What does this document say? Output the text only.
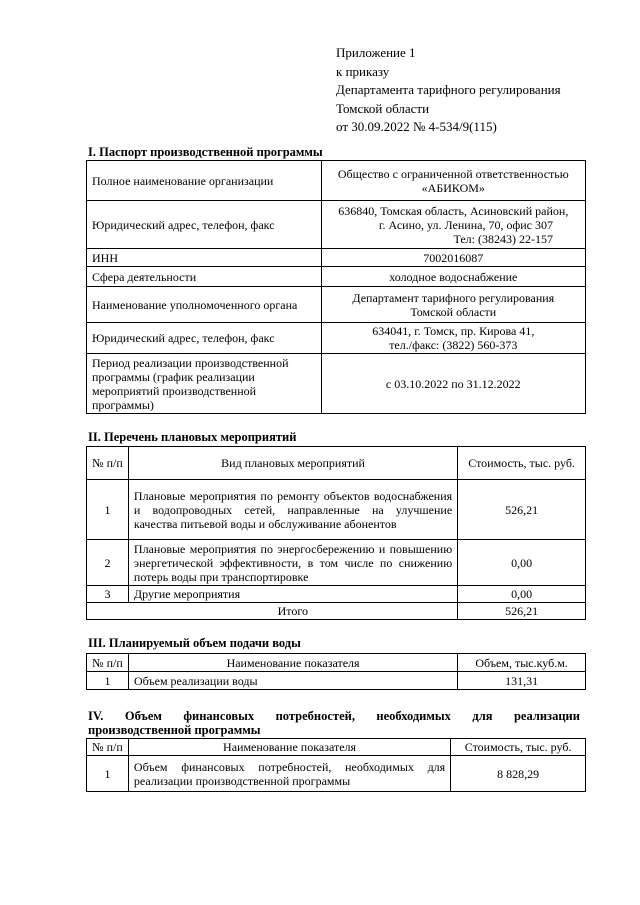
Приложение 1
к приказу
Департамента тарифного регулирования
Томской области
от 30.09.2022 № 4-534/9(115)
I. Паспорт производственной программы
Полное наименование организации	Общество с ограниченной ответственностью
«АБИКОМ»

Юридический адрес, телефон, факс	636840, Томская область, Асиновский район,
г. Асино, ул. Ленина, 70, офис 307
Тел: (38243) 22-157

ИНН	7002016087
Сфера деятельности	холодное водоснабжение
Наименование уполномоченного органа	Департамент тарифного регулирования
Томской области

Юридический адрес, телефон, факс	634041, г. Томск, пр. Кирова 41,
тел./факс: (3822) 560-373

Период реализации производственной программы (график реализации мероприятий производственной программы)	с 03.10.2022 по 31.12.2022
II. Перечень плановых мероприятий
№ п/п	Вид плановых мероприятий	Стоимость, тыс. руб.
1	Плановые мероприятия по ремонту объектов водоснабжения и водопроводных сетей, направленные на улучшение качества питьевой воды и обслуживание абонентов	526,21
2	Плановые мероприятия по энергосбережению и повышению энергетической эффективности, в том числе по снижению потерь воды при транспортировке	0,00
3	Другие мероприятия	0,00
	Итого	526,21
III. Планируемый объем подачи воды
№ п/п	Наименование показателя	Объем, тыс.куб.м.
1	Объем реализации воды	131,31
IV. Объем финансовых потребностей, необходимых для реализации
производственной программы
№ п/п	Наименование показателя	Стоимость, тыс. руб.
1	Объем финансовых потребностей, необходимых для реализации производственной программы	8 828,29
